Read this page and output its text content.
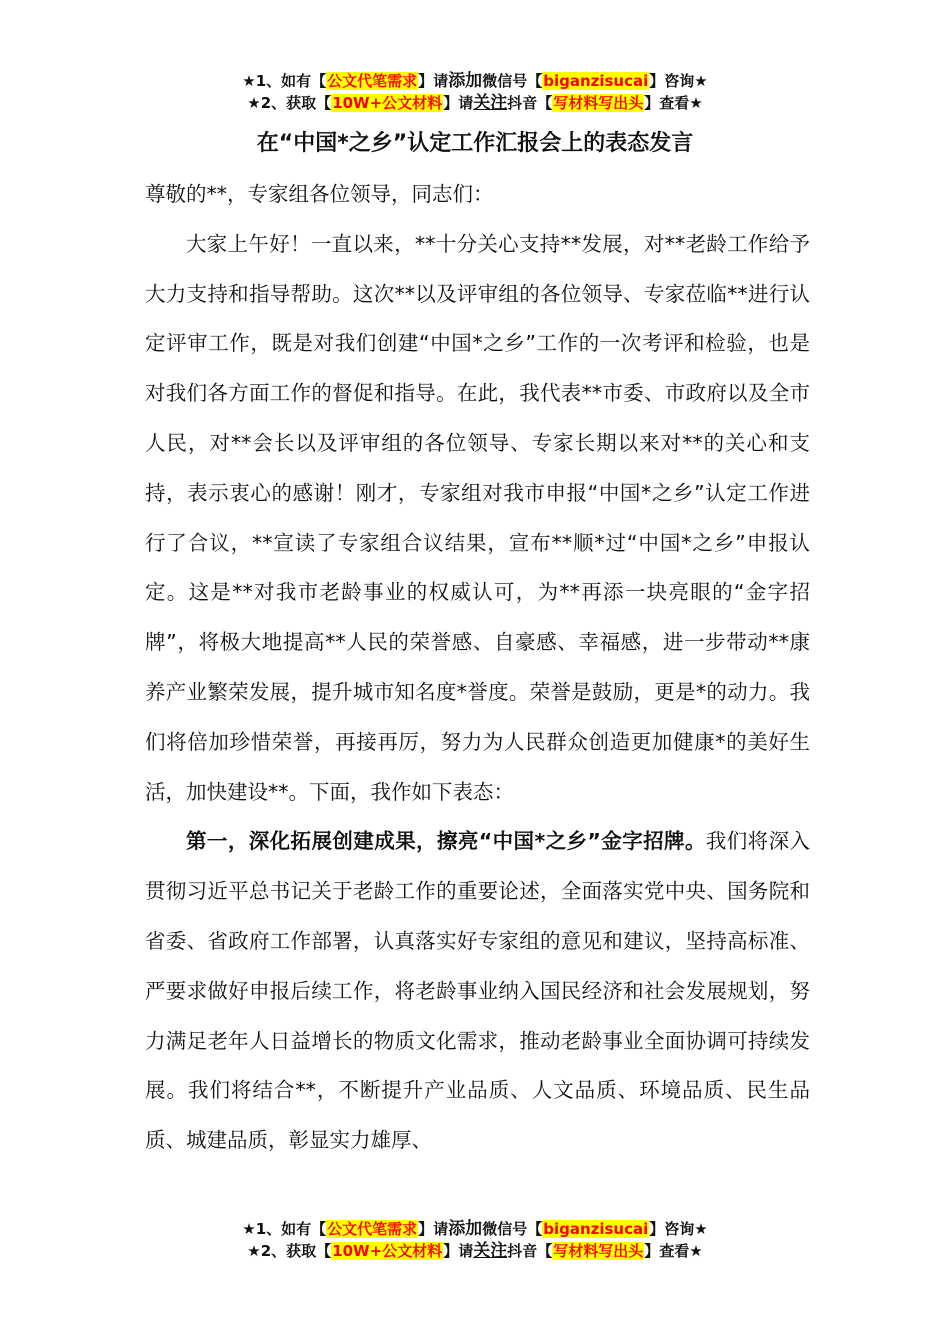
★1、如有【公文代笔需求】请添加微信号【biganzisucai】咨询★
★2、获取【10W+公文材料】请关注抖音【写材料写出头】查看★
在“中国*之乡”认定工作汇报会上的表态发言

尊敬的**，专家组各位领导，同志们：

大家上午好！一直以来，**十分关心支持**发展，对**老龄工作给予大力支持和指导帮助。这次**以及评审组的各位领导、专家莅临**进行认定评审工作，既是对我们创建“中国*之乡”工作的一次考评和检验，也是对我们各方面工作的督促和指导。在此，我代表**市委、市政府以及全市人民，对**会长以及评审组的各位领导、专家长期以来对**的关心和支持，表示衷心的感谢！刚才，专家组对我市申报“中国*之乡”认定工作进行了合议，**宣读了专家组合议结果，宣布**顺*过“中国*之乡”申报认定。这是**对我市老龄事业的权威认可，为**再添一块亮眼的“金字招牌”，将极大地提高**人民的荣誉感、自豪感、幸福感，进一步带动**康养产业繁荣发展，提升城市知名度*誉度。荣誉是鼓励，更是*的动力。我们将倍加珍惜荣誉，再接再厉，努力为人民群众创造更加健康*的美好生活，加快建设**。下面，我作如下表态：

第一，深化拓展创建成果，擦亮“中国*之乡”金字招牌。我们将深入贯彻习近平总书记关于老龄工作的重要论述，全面落实党中央、国务院和省委、省政府工作部署，认真落实好专家组的意见和建议，坚持高标准、严要求做好申报后续工作，将老龄事业纳入国民经济和社会发展规划，努力满足老年人日益增长的物质文化需求，推动老龄事业全面协调可持续发展。我们将结合**，不断提升产业品质、人文品质、环境品质、民生品质、城建品质，彰显实力雄厚、

★1、如有【公文代笔需求】请添加微信号【biganzisucai】咨询★
★2、获取【10W+公文材料】请关注抖音【写材料写出头】查看★
